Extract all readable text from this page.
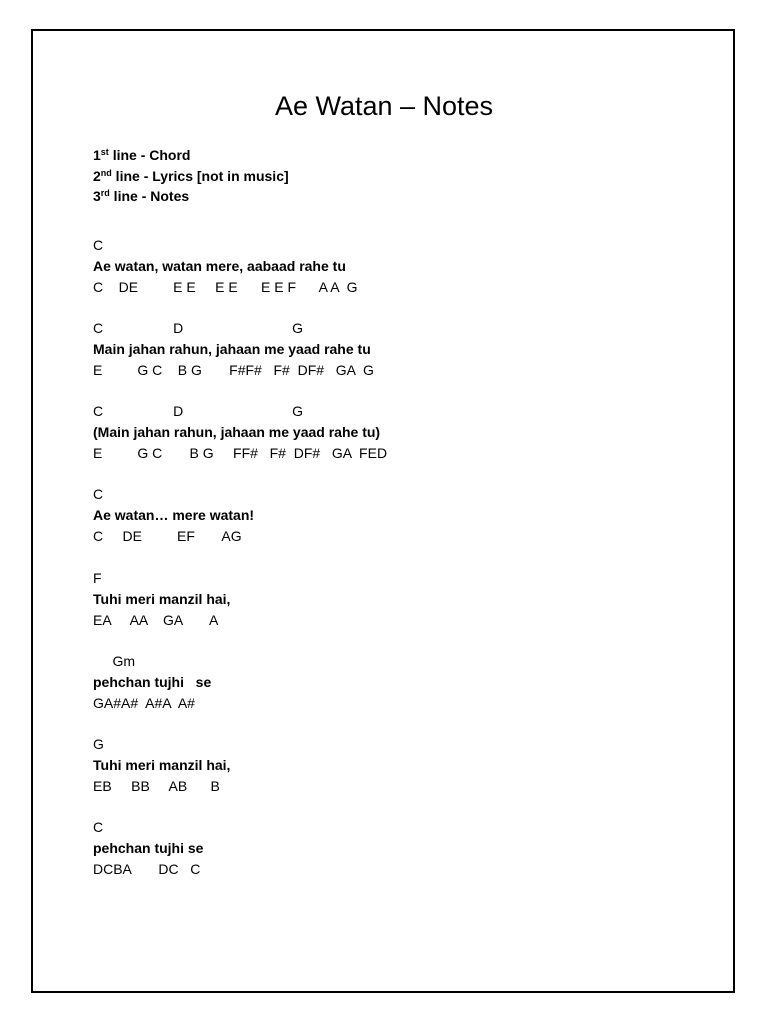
Ae Watan – Notes
1st line - Chord
2nd line - Lyrics [not in music]
3rd line - Notes
C
Ae watan, watan mere, aabaad rahe tu
C    DE         E E     E E      E E F      A A  G
C                  D                            G
Main jahan rahun, jahaan me yaad rahe tu
E         G C    B G       F#F#   F#  DF#   GA  G
C                  D                            G
(Main jahan rahun, jahaan me yaad rahe tu)
E         G C       B G     FF#   F#  DF#   GA  FED
C
Ae watan… mere watan!
C     DE         EF       AG
F
Tuhi meri manzil hai,
EA     AA    GA       A
Gm
pehchan tujhi   se
GA#A#  A#A  A#
G
Tuhi meri manzil hai,
EB     BB     AB      B
C
pehchan tujhi se
DCBA       DC   C
